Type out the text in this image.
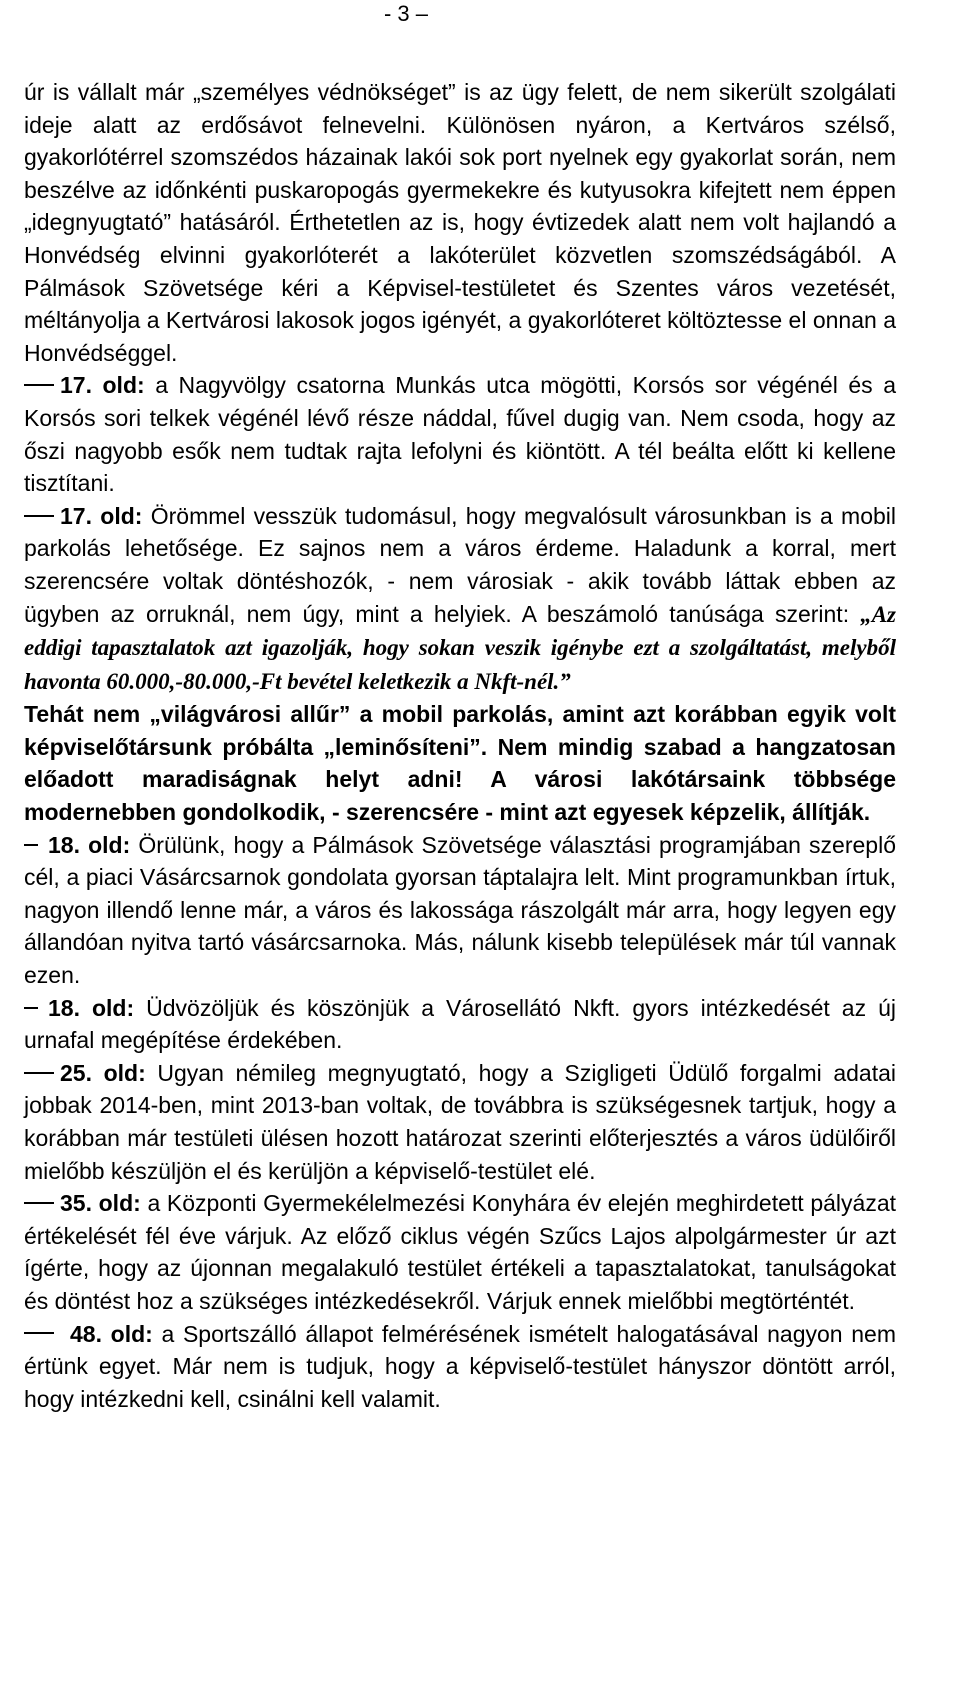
- 3 –

úr is vállalt már „személyes védnökséget” is az ügy felett, de nem sikerült szolgálati ideje alatt az erdősávot felnevelni. Különösen nyáron, a Kertváros szélső, gyakorlótérrel szomszédos házainak lakói sok port nyelnek egy gyakorlat során, nem beszélve az időnkénti puskaropogás gyermekekre és kutyusokra kifejtett nem éppen „idegnyugtató” hatásáról. Érthetetlen az is, hogy évtizedek alatt nem volt hajlandó a Honvédség elvinni gyakorlóterét a lakóterület közvetlen szomszédságából. A Pálmások Szövetsége kéri a Képvisel-testületet és Szentes város vezetését, méltányolja a Kertvárosi lakosok jogos igényét, a gyakorlóteret költöztesse el onnan a Honvédséggel.

17. old: a Nagyvölgy csatorna Munkás utca mögötti, Korsós sor végénél és a Korsós sori telkek végénél lévő része náddal, fűvel dugig van. Nem csoda, hogy az őszi nagyobb esők nem tudtak rajta lefolyni és kiöntött. A tél beálta előtt ki kellene tisztítani.

17. old: Örömmel vesszük tudomásul, hogy megvalósult városunkban is a mobil parkolás lehetősége. Ez sajnos nem a város érdeme. Haladunk a korral, mert szerencsére voltak döntéshozók, - nem városiak - akik tovább láttak ebben az ügyben az orruknál, nem úgy, mint a helyiek. A beszámoló tanúsága szerint: „Az eddigi tapasztalatok azt igazolják, hogy sokan veszik igénybe ezt a szolgáltatást, melyből havonta 60.000,-80.000,-Ft bevétel keletkezik a Nkft-nél.”

Tehát nem „világvárosi allűr” a mobil parkolás, amint azt korábban egyik volt képviselőtársunk próbálta „leminősíteni”. Nem mindig szabad a hangzatosan előadott maradiságnak helyt adni! A városi lakótársaink többsége modernebben gondolkodik, - szerencsére - mint azt egyesek képzelik, állítják.

18. old: Örülünk, hogy a Pálmások Szövetsége választási programjában szereplő cél, a piaci Vásárcsarnok gondolata gyorsan táptalajra lelt. Mint programunkban írtuk, nagyon illendő lenne már, a város és lakossága rászolgált már arra, hogy legyen egy állandóan nyitva tartó vásárcsarnoka. Más, nálunk kisebb települések már túl vannak ezen.

18. old: Üdvözöljük és köszönjük a Városellátó Nkft. gyors intézkedését az új urnafal megépítése érdekében.

25. old: Ugyan némileg megnyugtató, hogy a Szigligeti Üdülő forgalmi adatai jobbak 2014-ben, mint 2013-ban voltak, de továbbra is szükségesnek tartjuk, hogy a korábban már testületi ülésen hozott határozat szerinti előterjesztés a város üdülőiről mielőbb készüljön el és kerüljön a képviselő-testület elé.

35. old: a Központi Gyermekélelmezési Konyhára év elején meghirdetett pályázat értékelését fél éve várjuk. Az előző ciklus végén Szűcs Lajos alpolgármester úr azt ígérte, hogy az újonnan megalakuló testület értékeli a tapasztalatokat, tanulságokat és döntést hoz a szükséges intézkedésekről. Várjuk ennek mielőbbi megtörténtét.

48. old: a Sportszálló állapot felmérésének ismételt halogatásával nagyon nem értünk egyet. Már nem is tudjuk, hogy a képviselő-testület hányszor döntött arról, hogy intézkedni kell, csinálni kell valamit.
